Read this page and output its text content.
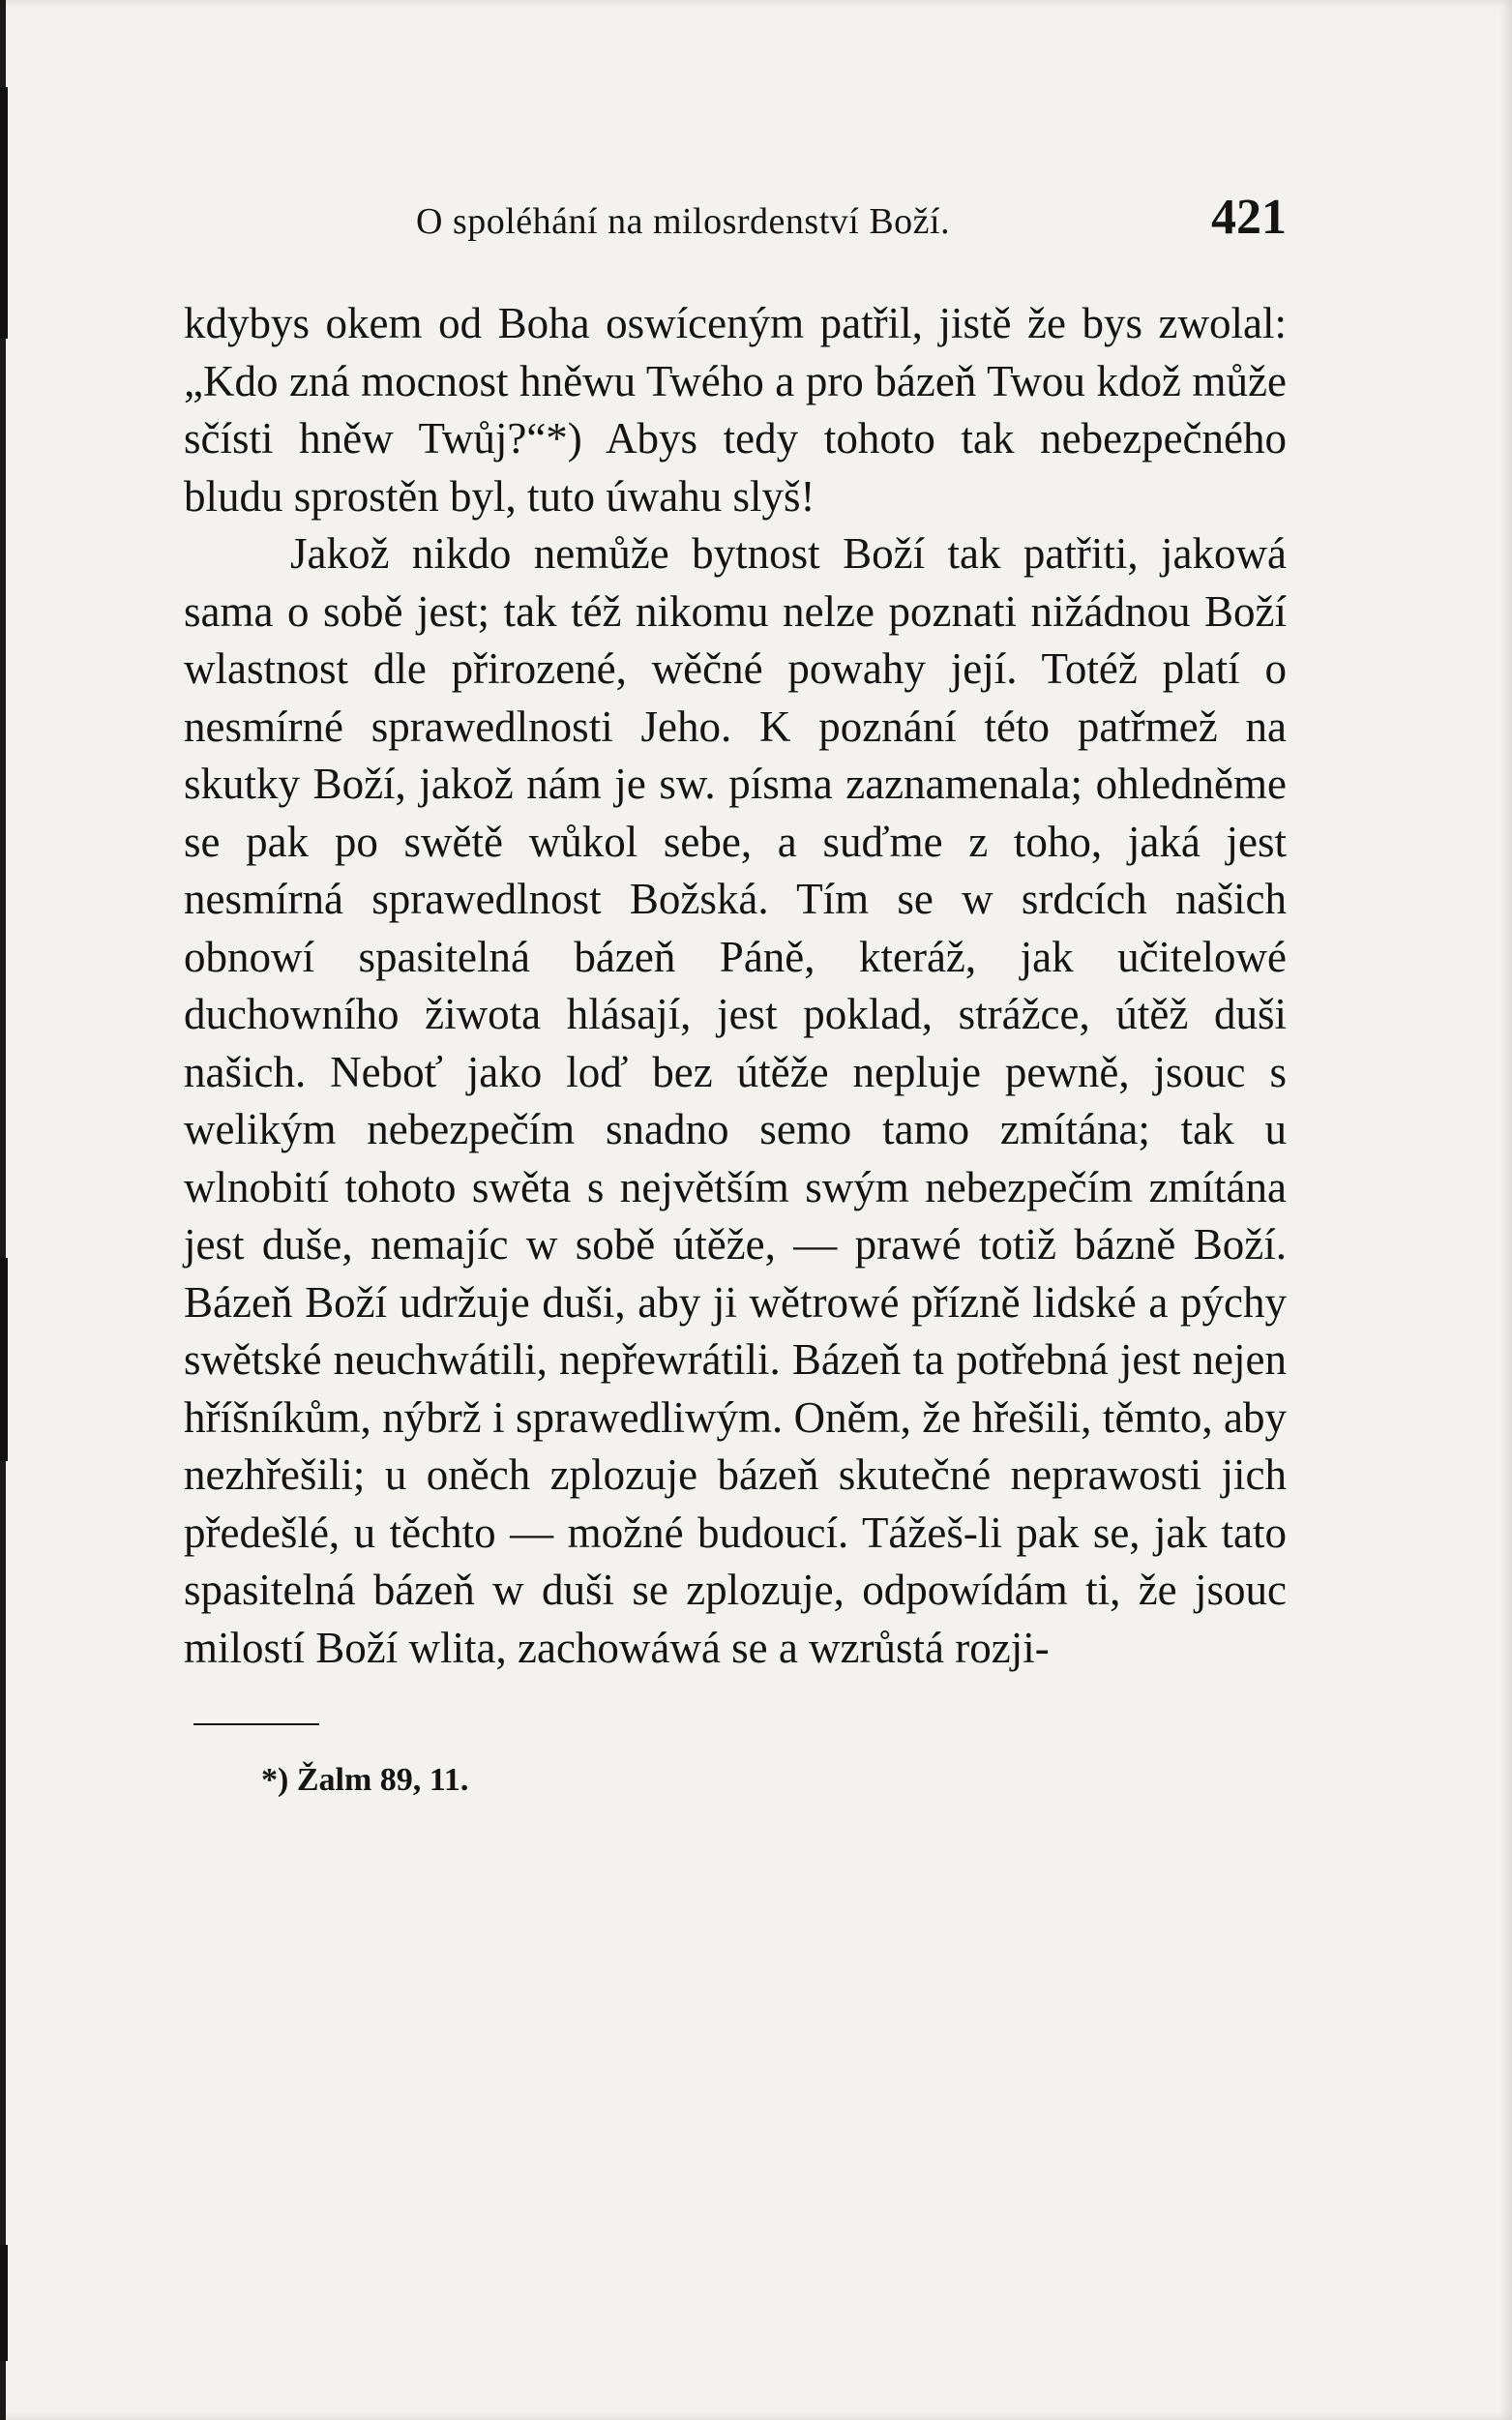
O spoléhání na milosrdenství Boží.	421

kdybys okem od Boha oswíceným patřil, jistě že bys zwolal: „Kdo zná mocnost hněwu Twého a pro bázeň Twou kdož může sčísti hněw Twůj?“*) Abys tedy tohoto tak nebezpečného bludu sprostěn byl, tuto úwahu slyš!

Jakož nikdo nemůže bytnost Boží tak patřiti, jakowá sama o sobě jest; tak též nikomu nelze poznati nižádnou Boží wlastnost dle přirozené, wěčné powahy její. Totéž platí o nesmírné sprawedlnosti Jeho. K poznání této patřmež na skutky Boží, jakož nám je sw. písma zaznamenala; ohledněme se pak po swětě wůkol sebe, a suďme z toho, jaká jest nesmírná sprawedlnost Božská. Tím se w srdcích našich obnowí spasitelná bázeň Páně, kteráž, jak učitelowé duchowního žiwota hlásají, jest poklad, strážce, útěž duši našich. Neboť jako loď bez útěže nepluje pewně, jsouc s welikým nebezpečím snadno semo tamo zmítána; tak u wlnobití tohoto swěta s největším swým nebezpečím zmítána jest duše, nemajíc w sobě útěže, — prawé totiž bázně Boží. Bázeň Boží udržuje duši, aby ji wětrowé přízně lidské a pýchy swětské neuchwátili, nepřewrátili. Bázeň ta potřebná jest nejen hříšníkům, nýbrž i sprawedliwým. Oněm, že hřešili, těmto, aby nezhřešili; u oněch zplozuje bázeň skutečné neprawosti jich předešlé, u těchto — možné budoucí. Tážeš-li pak se, jak tato spasitelná bázeň w duši se zplozuje, odpowídám ti, že jsouc milostí Boží wlita, zachowáwá se a wzrůstá rozji-

*) Žalm 89, 11.
